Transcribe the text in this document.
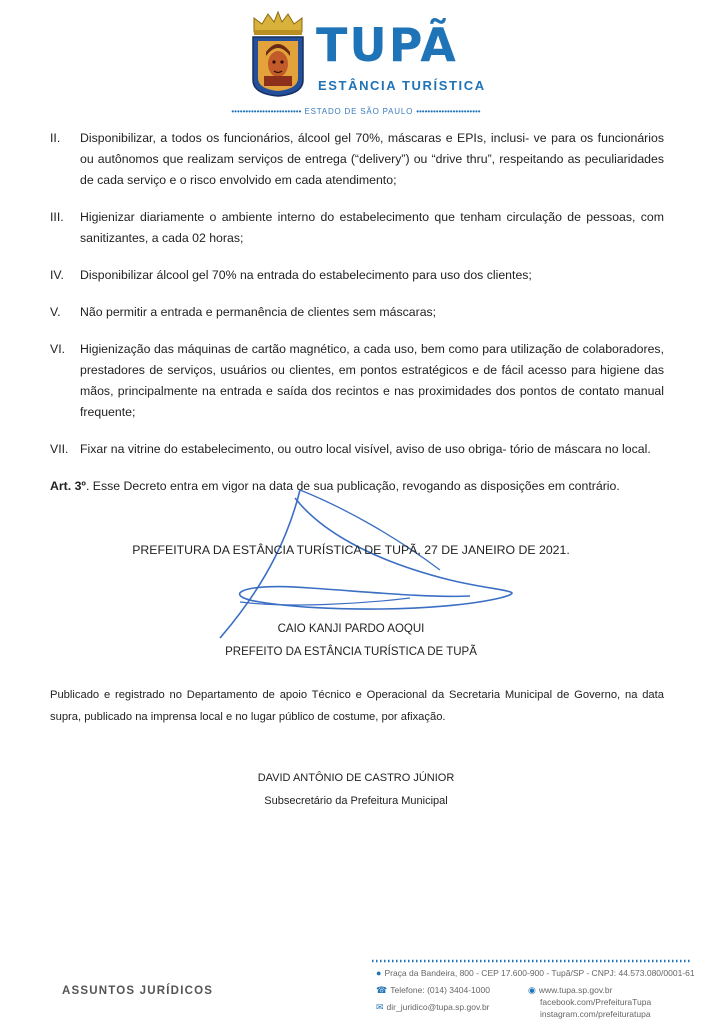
TUPÃ
ESTÂNCIA TURÍSTICA
••••••••••••••••••••••••• ESTADO DE SÃO PAULO •••••••••••••••••••••••
II. Disponibilizar, a todos os funcionários, álcool gel 70%, máscaras e EPIs, inclusi- ve para os funcionários ou autônomos que realizam serviços de entrega (“delivery”) ou “drive thru”, respeitando as peculiaridades de cada serviço e o risco envolvido em cada atendimento;
III. Higienizar diariamente o ambiente interno do estabelecimento que tenham circulação de pessoas, com sanitizantes, a cada 02 horas;
IV. Disponibilizar álcool gel 70% na entrada do estabelecimento para uso dos clientes;
V. Não permitir a entrada e permanência de clientes sem máscaras;
VI. Higienização das máquinas de cartão magnético, a cada uso, bem como para utilização de colaboradores, prestadores de serviços, usuários ou clientes, em pontos estratégicos e de fácil acesso para higiene das mãos, principalmente na entrada e saída dos recintos e nas proximidades dos pontos de contato manual frequente;
VII. Fixar na vitrine do estabelecimento, ou outro local visível, aviso de uso obriga- tório de máscara no local.
Art. 3º. Esse Decreto entra em vigor na data de sua publicação, revogando as disposições em contrário.
PREFEITURA DA ESTÂNCIA TURÍSTICA DE TUPÃ, 27 DE JANEIRO DE 2021.
CAIO KANJI PARDO AOQUI
PREFEITO DA ESTÂNCIA TURÍSTICA DE TUPÃ
Publicado e registrado no Departamento de apoio Técnico e Operacional da Secretaria Municipal de Governo, na data supra, publicado na imprensa local e no lugar público de costume, por afixação.
DAVID ANTÔNIO DE CASTRO JÚNIOR
Subsecretário da Prefeitura Municipal
ASSUNTOS JURÍDICOS
● Praça da Bandeira, 800 - CEP 17.600-900 - Tupã/SP - CNPJ: 44.573.080/0001-61
☎ Telefone: (014) 3404-1000
✉ dir_juridico@tupa.sp.gov.br
◉ www.tupa.sp.gov.br
facebook.com/PrefeituraTupa
instagram.com/prefeituratupa
